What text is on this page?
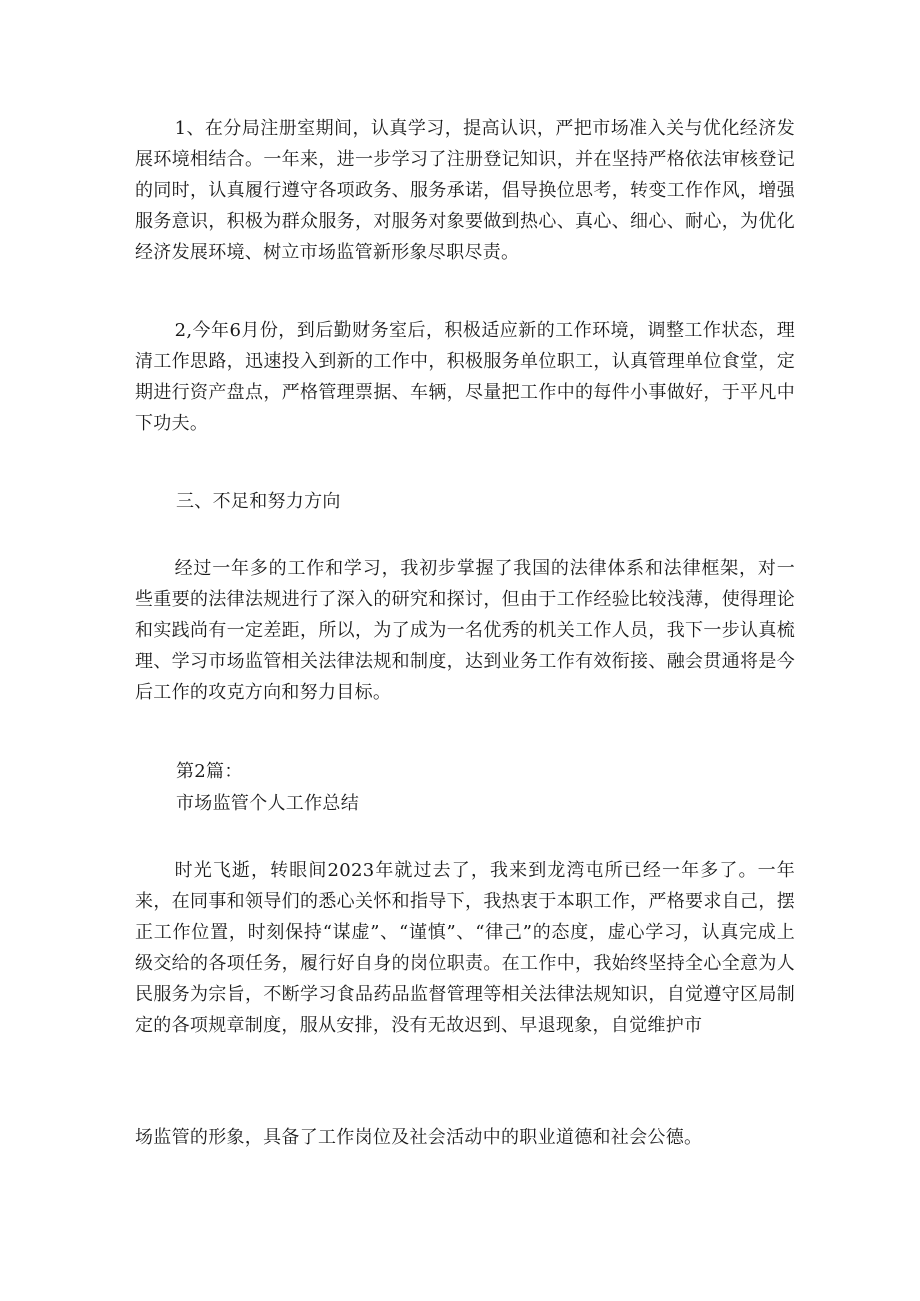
1、在分局注册室期间，认真学习，提高认识，严把市场准入关与优化经济发展环境相结合。一年来，进一步学习了注册登记知识，并在坚持严格依法审核登记的同时，认真履行遵守各项政务、服务承诺，倡导换位思考，转变工作作风，增强服务意识，积极为群众服务，对服务对象要做到热心、真心、细心、耐心，为优化经济发展环境、树立市场监管新形象尽职尽责。

2,今年6月份，到后勤财务室后，积极适应新的工作环境，调整工作状态，理清工作思路，迅速投入到新的工作中，积极服务单位职工，认真管理单位食堂，定期进行资产盘点，严格管理票据、车辆，尽量把工作中的每件小事做好，于平凡中下功夫。

三、不足和努力方向

经过一年多的工作和学习，我初步掌握了我国的法律体系和法律框架，对一些重要的法律法规进行了深入的研究和探讨，但由于工作经验比较浅薄，使得理论和实践尚有一定差距，所以，为了成为一名优秀的机关工作人员，我下一步认真梳理、学习市场监管相关法律法规和制度，达到业务工作有效衔接、融会贯通将是今后工作的攻克方向和努力目标。

第2篇：

市场监管个人工作总结

时光飞逝，转眼间2023年就过去了，我来到龙湾屯所已经一年多了。一年来，在同事和领导们的悉心关怀和指导下，我热衷于本职工作，严格要求自己，摆正工作位置，时刻保持“谋虚”、“谨慎”、“律己”的态度，虚心学习，认真完成上级交给的各项任务，履行好自身的岗位职责。在工作中，我始终坚持全心全意为人民服务为宗旨，不断学习食品药品监督管理等相关法律法规知识，自觉遵守区局制定的各项规章制度，服从安排，没有无故迟到、早退现象，自觉维护市

场监管的形象，具备了工作岗位及社会活动中的职业道德和社会公德。
